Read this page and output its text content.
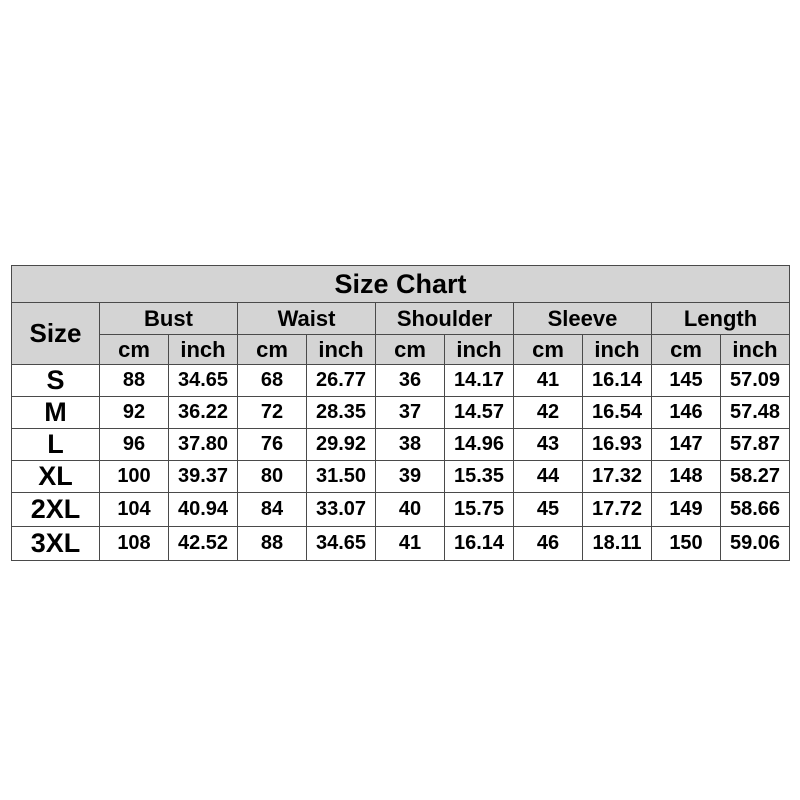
Size Chart										
Size	Bust		Waist		Shoulder		Sleeve		Length	
	cm	inch	cm	inch	cm	inch	cm	inch	cm	inch
S	88	34.65	68	26.77	36	14.17	41	16.14	145	57.09
M	92	36.22	72	28.35	37	14.57	42	16.54	146	57.48
L	96	37.80	76	29.92	38	14.96	43	16.93	147	57.87
XL	100	39.37	80	31.50	39	15.35	44	17.32	148	58.27
2XL	104	40.94	84	33.07	40	15.75	45	17.72	149	58.66
3XL	108	42.52	88	34.65	41	16.14	46	18.11	150	59.06
